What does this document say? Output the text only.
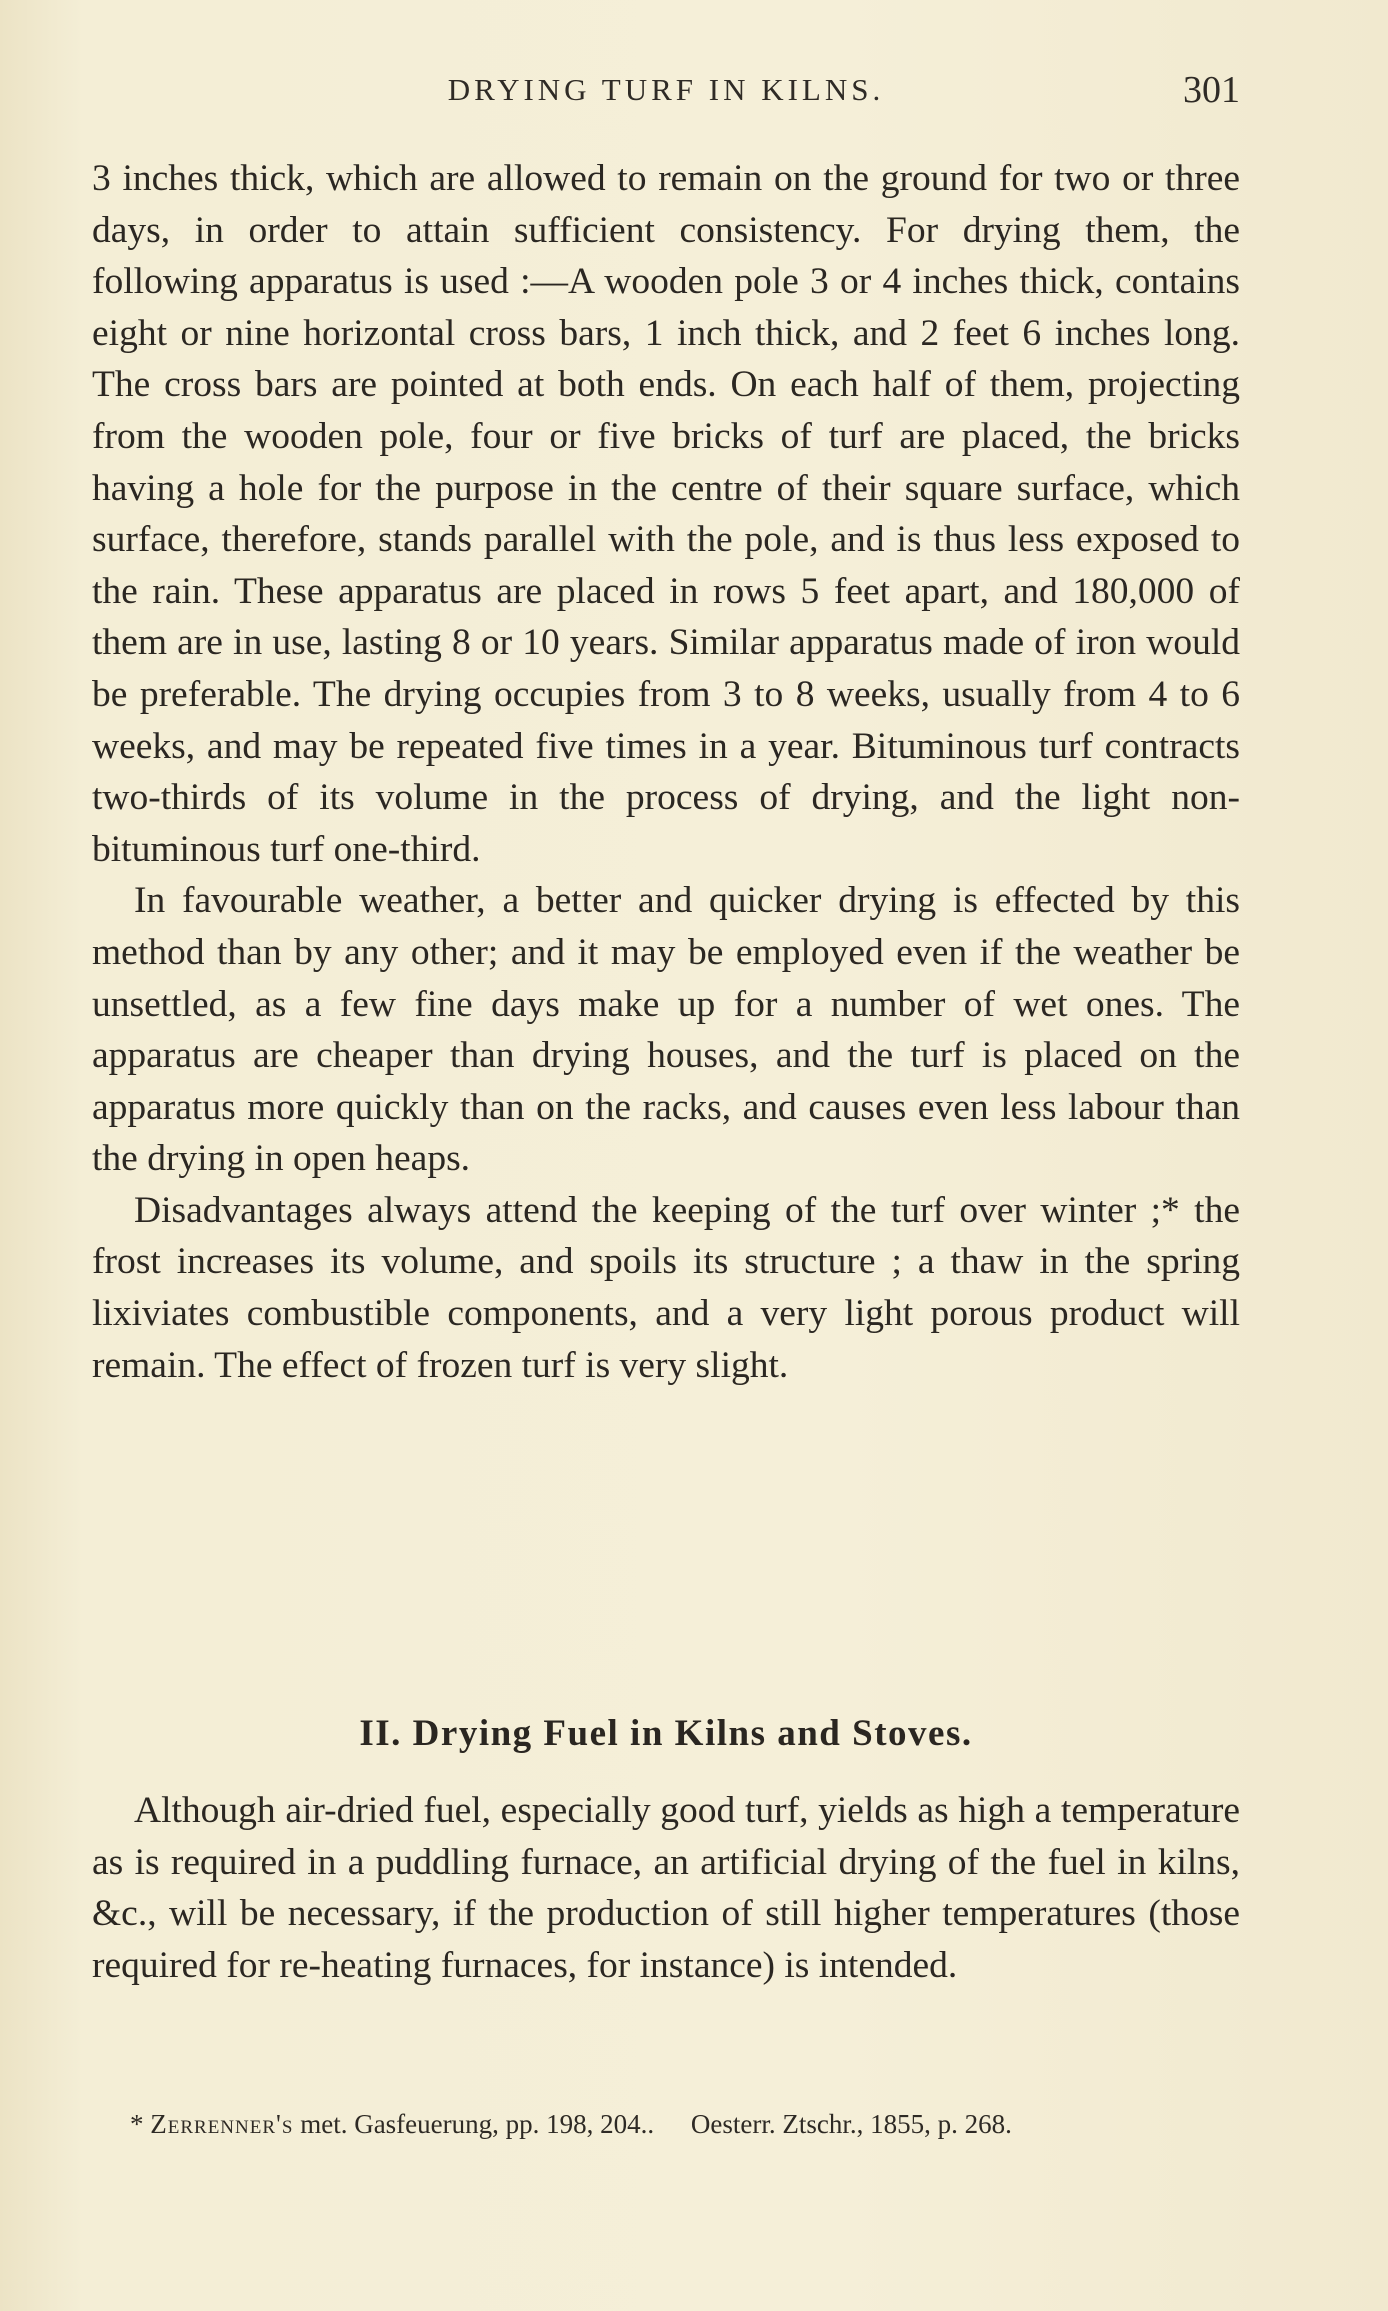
DRYING TURF IN KILNS.	301

3 inches thick, which are allowed to remain on the ground for two or three days, in order to attain sufficient consistency. For drying them, the following apparatus is used :—A wooden pole 3 or 4 inches thick, contains eight or nine horizontal cross bars, 1 inch thick, and 2 feet 6 inches long. The cross bars are pointed at both ends. On each half of them, projecting from the wooden pole, four or five bricks of turf are placed, the bricks having a hole for the purpose in the centre of their square surface, which surface, therefore, stands parallel with the pole, and is thus less exposed to the rain. These apparatus are placed in rows 5 feet apart, and 180,000 of them are in use, lasting 8 or 10 years. Similar apparatus made of iron would be preferable. The drying occupies from 3 to 8 weeks, usually from 4 to 6 weeks, and may be repeated five times in a year. Bituminous turf contracts two-thirds of its volume in the process of drying, and the light non-bituminous turf one-third.

In favourable weather, a better and quicker drying is effected by this method than by any other; and it may be employed even if the weather be unsettled, as a few fine days make up for a number of wet ones. The apparatus are cheaper than drying houses, and the turf is placed on the apparatus more quickly than on the racks, and causes even less labour than the drying in open heaps.

Disadvantages always attend the keeping of the turf over winter ;* the frost increases its volume, and spoils its structure ; a thaw in the spring lixiviates combustible components, and a very light porous product will remain. The effect of frozen turf is very slight.

II. Drying Fuel in Kilns and Stoves.

Although air-dried fuel, especially good turf, yields as high a temperature as is required in a puddling furnace, an artificial drying of the fuel in kilns, &c., will be necessary, if the production of still higher temperatures (those required for re-heating furnaces, for instance) is intended.

* Zerrenner's met. Gasfeuerung, pp. 198, 204.. Oesterr. Ztschr., 1855, p. 268.
